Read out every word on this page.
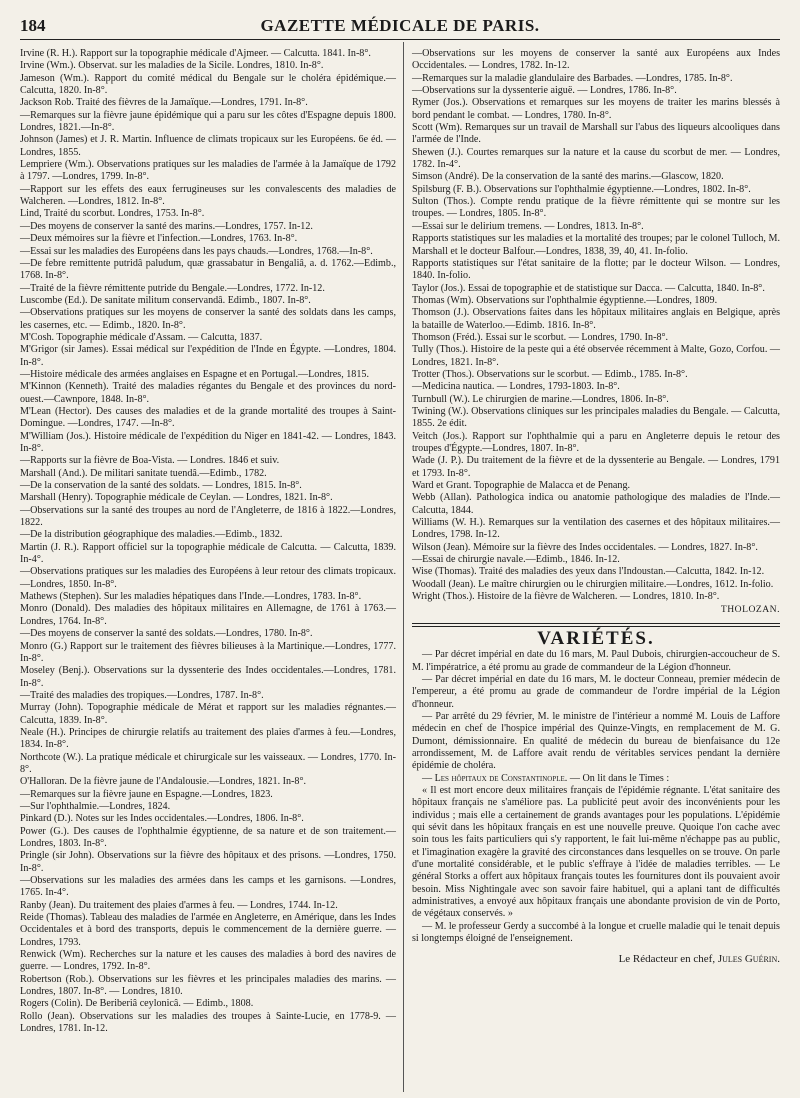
184	GAZETTE MÉDICALE DE PARIS.

Irvine (R. H.). Rapport sur la topographie médicale d'Ajmeer. — Calcutta. 1841. In-8°.

Irvine (Wm.). Observat. sur les maladies de la Sicile. Londres, 1810. In-8°.

Jameson (Wm.). Rapport du comité médical du Bengale sur le choléra épidémique.—Calcutta, 1820. In-8°.

Jackson Rob. Traité des fièvres de la Jamaïque.—Londres, 1791. In-8°.

—Remarques sur la fièvre jaune épidémique qui a paru sur les côtes d'Espagne depuis 1800. Londres, 1821.—In-8°.

Johnson (James) et J. R. Martin. Influence de climats tropicaux sur les Européens. 6e éd. —Londres, 1855.

Lempriere (Wm.). Observations pratiques sur les maladies de l'armée à la Jamaïque de 1792 à 1797. —Londres, 1799. In-8°.

—Rapport sur les effets des eaux ferrugineuses sur les convalescents des maladies de Walcheren. —Londres, 1812. In-8°.

Lind, Traité du scorbut. Londres, 1753. In-8°.

—Des moyens de conserver la santé des marins.—Londres, 1757. In-12.

—Deux mémoires sur la fièvre et l'infection.—Londres, 1763. In-8°.

—Essai sur les maladies des Européens dans les pays chauds.—Londres, 1768.—In-8°.

—De febre remittente putridâ paludum, quæ grassabatur in Bengaliâ, a. d. 1762.—Edimb., 1768. In-8°.

—Traité de la fièvre rémittente putride du Bengale.—Londres, 1772. In-12.

Luscombe (Ed.). De sanitate militum conservandâ. Edimb., 1807. In-8°.

—Observations pratiques sur les moyens de conserver la santé des soldats dans les camps, les casernes, etc. — Edimb., 1820. In-8°.

M'Cosh. Topographie médicale d'Assam. — Calcutta, 1837.

M'Grigor (sir James). Essai médical sur l'expédition de l'Inde en Égypte. —Londres, 1804. In-8°.

—Histoire médicale des armées anglaises en Espagne et en Portugal.—Londres, 1815.

M'Kinnon (Kenneth). Traité des maladies régantes du Bengale et des provinces du nord-ouest.—Cawnpore, 1848. In-8°.

M'Lean (Hector). Des causes des maladies et de la grande mortalité des troupes à Saint-Domingue. —Londres, 1747. —In-8°.

M'William (Jos.). Histoire médicale de l'expédition du Niger en 1841-42. — Londres, 1843. In-8°.

—Rapports sur la fièvre de Boa-Vista. — Londres. 1846 et suiv.

Marshall (And.). De militari sanitate tuendâ.—Edimb., 1782.

—De la conservation de la santé des soldats. — Londres, 1815. In-8°.

Marshall (Henry). Topographie médicale de Ceylan. — Londres, 1821. In-8°.

—Observations sur la santé des troupes au nord de l'Angleterre, de 1816 à 1822.—Londres, 1822.

—De la distribution géographique des maladies.—Edimb., 1832.

Martin (J. R.). Rapport officiel sur la topographie médicale de Calcutta. — Calcutta, 1839. In-4°.

—Observations pratiques sur les maladies des Européens à leur retour des climats tropicaux.—Londres, 1850. In-8°.

Mathews (Stephen). Sur les maladies hépatiques dans l'Inde.—Londres, 1783. In-8°.

Monro (Donald). Des maladies des hôpitaux militaires en Allemagne, de 1761 à 1763.—Londres, 1764. In-8°.

—Des moyens de conserver la santé des soldats.—Londres, 1780. In-8°.

Monro (G.) Rapport sur le traitement des fièvres bilieuses à la Martinique.—Londres, 1777. In-8°.

Moseley (Benj.). Observations sur la dyssenterie des Indes occidentales.—Londres, 1781. In-8°.

—Traité des maladies des tropiques.—Londres, 1787. In-8°.

Murray (John). Topographie médicale de Mérat et rapport sur les maladies régnantes.—Calcutta, 1839. In-8°.

Neale (H.). Principes de chirurgie relatifs au traitement des plaies d'armes à feu.—Londres, 1834. In-8°.

Northcote (W.). La pratique médicale et chirurgicale sur les vaisseaux. — Londres, 1770. In-8°.

O'Halloran. De la fièvre jaune de l'Andalousie.—Londres, 1821. In-8°.

—Remarques sur la fièvre jaune en Espagne.—Londres, 1823.

—Sur l'ophthalmie.—Londres, 1824.

Pinkard (D.). Notes sur les Indes occidentales.—Londres, 1806. In-8°.

Power (G.). Des causes de l'ophthalmie égyptienne, de sa nature et de son traitement.—Londres, 1803. In-8°.

Pringle (sir John). Observations sur la fièvre des hôpitaux et des prisons. —Londres, 1750. In-8°.

—Observations sur les maladies des armées dans les camps et les garnisons. —Londres, 1765. In-4°.

Ranby (Jean). Du traitement des plaies d'armes à feu. — Londres, 1744. In-12.

Reide (Thomas). Tableau des maladies de l'armée en Angleterre, en Amérique, dans les Indes Occidentales et à bord des transports, depuis le commencement de la dernière guerre. — Londres, 1793.

Renwick (Wm). Recherches sur la nature et les causes des maladies à bord des navires de guerre. — Londres, 1792. In-8°.

Robertson (Rob.). Observations sur les fièvres et les principales maladies des marins. —Londres, 1807. In-8°. — Londres, 1810.

Rogers (Colin). De Beriberiâ ceylonicâ. — Edimb., 1808.

Rollo (Jean). Observations sur les maladies des troupes à Sainte-Lucie, en 1778-9. — Londres, 1781. In-12.

—Observations sur les moyens de conserver la santé aux Européens aux Indes Occidentales. — Londres, 1782. In-12.

—Remarques sur la maladie glandulaire des Barbades. —Londres, 1785. In-8°.

—Observations sur la dyssenterie aiguë. — Londres, 1786. In-8°.

Rymer (Jos.). Observations et remarques sur les moyens de traiter les marins blessés à bord pendant le combat. — Londres, 1780. In-8°.

Scott (Wm). Remarques sur un travail de Marshall sur l'abus des liqueurs alcooliques dans l'armée de l'Inde.

Shewen (J.). Courtes remarques sur la nature et la cause du scorbut de mer. — Londres, 1782. In-4°.

Simson (André). De la conservation de la santé des marins.—Glascow, 1820.

Spilsburg (F. B.). Observations sur l'ophthalmie égyptienne.—Londres, 1802. In-8°.

Sulton (Thos.). Compte rendu pratique de la fièvre rémittente qui se montre sur les troupes. — Londres, 1805. In-8°.

—Essai sur le delirium tremens. — Londres, 1813. In-8°.

Rapports statistiques sur les maladies et la mortalité des troupes; par le colonel Tulloch, M. Marshall et le docteur Balfour.—Londres, 1838, 39, 40, 41. In-folio.

Rapports statistiques sur l'état sanitaire de la flotte; par le docteur Wilson. — Londres, 1840. In-folio.

Taylor (Jos.). Essai de topographie et de statistique sur Dacca. — Calcutta, 1840. In-8°.

Thomas (Wm). Observations sur l'ophthalmie égyptienne.—Londres, 1809.

Thomson (J.). Observations faites dans les hôpitaux militaires anglais en Belgique, après la bataille de Waterloo.—Edimb. 1816. In-8°.

Thomson (Fréd.). Essai sur le scorbut. — Londres, 1790. In-8°.

Tully (Thos.). Histoire de la peste qui a été observée récemment à Malte, Gozo, Corfou. — Londres, 1821. In-8°.

Trotter (Thos.). Observations sur le scorbut. — Edimb., 1785. In-8°.

—Medicina nautica. — Londres, 1793-1803. In-8°.

Turnbull (W.). Le chirurgien de marine.—Londres, 1806. In-8°.

Twining (W.). Observations cliniques sur les principales maladies du Bengale. — Calcutta, 1855. 2e édit.

Veitch (Jos.). Rapport sur l'ophthalmie qui a paru en Angleterre depuis le retour des troupes d'Égypte.—Londres, 1807. In-8°.

Wade (J. P.). Du traitement de la fièvre et de la dyssenterie au Bengale. — Londres, 1791 et 1793. In-8°.

Ward et Grant. Topographie de Malacca et de Penang.

Webb (Allan). Pathologica indica ou anatomie pathologique des maladies de l'Inde.—Calcutta, 1844.

Williams (W. H.). Remarques sur la ventilation des casernes et des hôpitaux militaires.—Londres, 1798. In-12.

Wilson (Jean). Mémoire sur la fièvre des Indes occidentales. — Londres, 1827. In-8°.

—Essai de chirurgie navale.—Edimb., 1846. In-12.

Wise (Thomas). Traité des maladies des yeux dans l'Indoustan.—Calcutta, 1842. In-12.

Woodall (Jean). Le maître chirurgien ou le chirurgien militaire.—Londres, 1612. In-folio.

Wright (Thos.). Histoire de la fièvre de Walcheren. — Londres, 1810. In-8°.

THOLOZAN.

VARIÉTÉS.

— Par décret impérial en date du 16 mars, M. Paul Dubois, chirurgien-accoucheur de S. M. l'impératrice, a été promu au grade de commandeur de la Légion d'honneur.

— Par décret impérial en date du 16 mars, M. le docteur Conneau, premier médecin de l'empereur, a été promu au grade de commandeur de l'ordre impérial de la Légion d'honneur.

— Par arrêté du 29 février, M. le ministre de l'intérieur a nommé M. Louis de Laffore médecin en chef de l'hospice impérial des Quinze-Vingts, en remplacement de M. G. Dumont, démissionnaire. En qualité de médecin du bureau de bienfaisance du 12e arrondissement, M. de Laffore avait rendu de véritables services pendant la dernière épidémie de choléra.

— Les hôpitaux de Constantinople. — On lit dans le Times :

« Il est mort encore deux militaires français de l'épidémie régnante. L'état sanitaire des hôpitaux français ne s'améliore pas. La publicité peut avoir des inconvénients pour les individus ; mais elle a certainement de grands avantages pour les populations. L'épidémie qui sévit dans les hôpitaux français en est une nouvelle preuve. Quoique l'on cache avec soin tous les faits particuliers qui s'y rapportent, le fait lui-même n'échappe pas au public, et l'imagination exagère la gravité des circonstances dans lesquelles on se trouve. On parle d'une mortalité considérable, et le public s'effraye à l'idée de maladies terribles. — Le général Storks a offert aux hôpitaux français toutes les fournitures dont ils pouvaient avoir besoin. Miss Nightingale avec son savoir faire habituel, qui a aplani tant de difficultés administratives, a envoyé aux hôpitaux français une abondante provision de vin de Porto, de végétaux conservés. »

— M. le professeur Gerdy a succombé à la longue et cruelle maladie qui le tenait depuis si longtemps éloigné de l'enseignement.

Le Rédacteur en chef, Jules Guérin.
